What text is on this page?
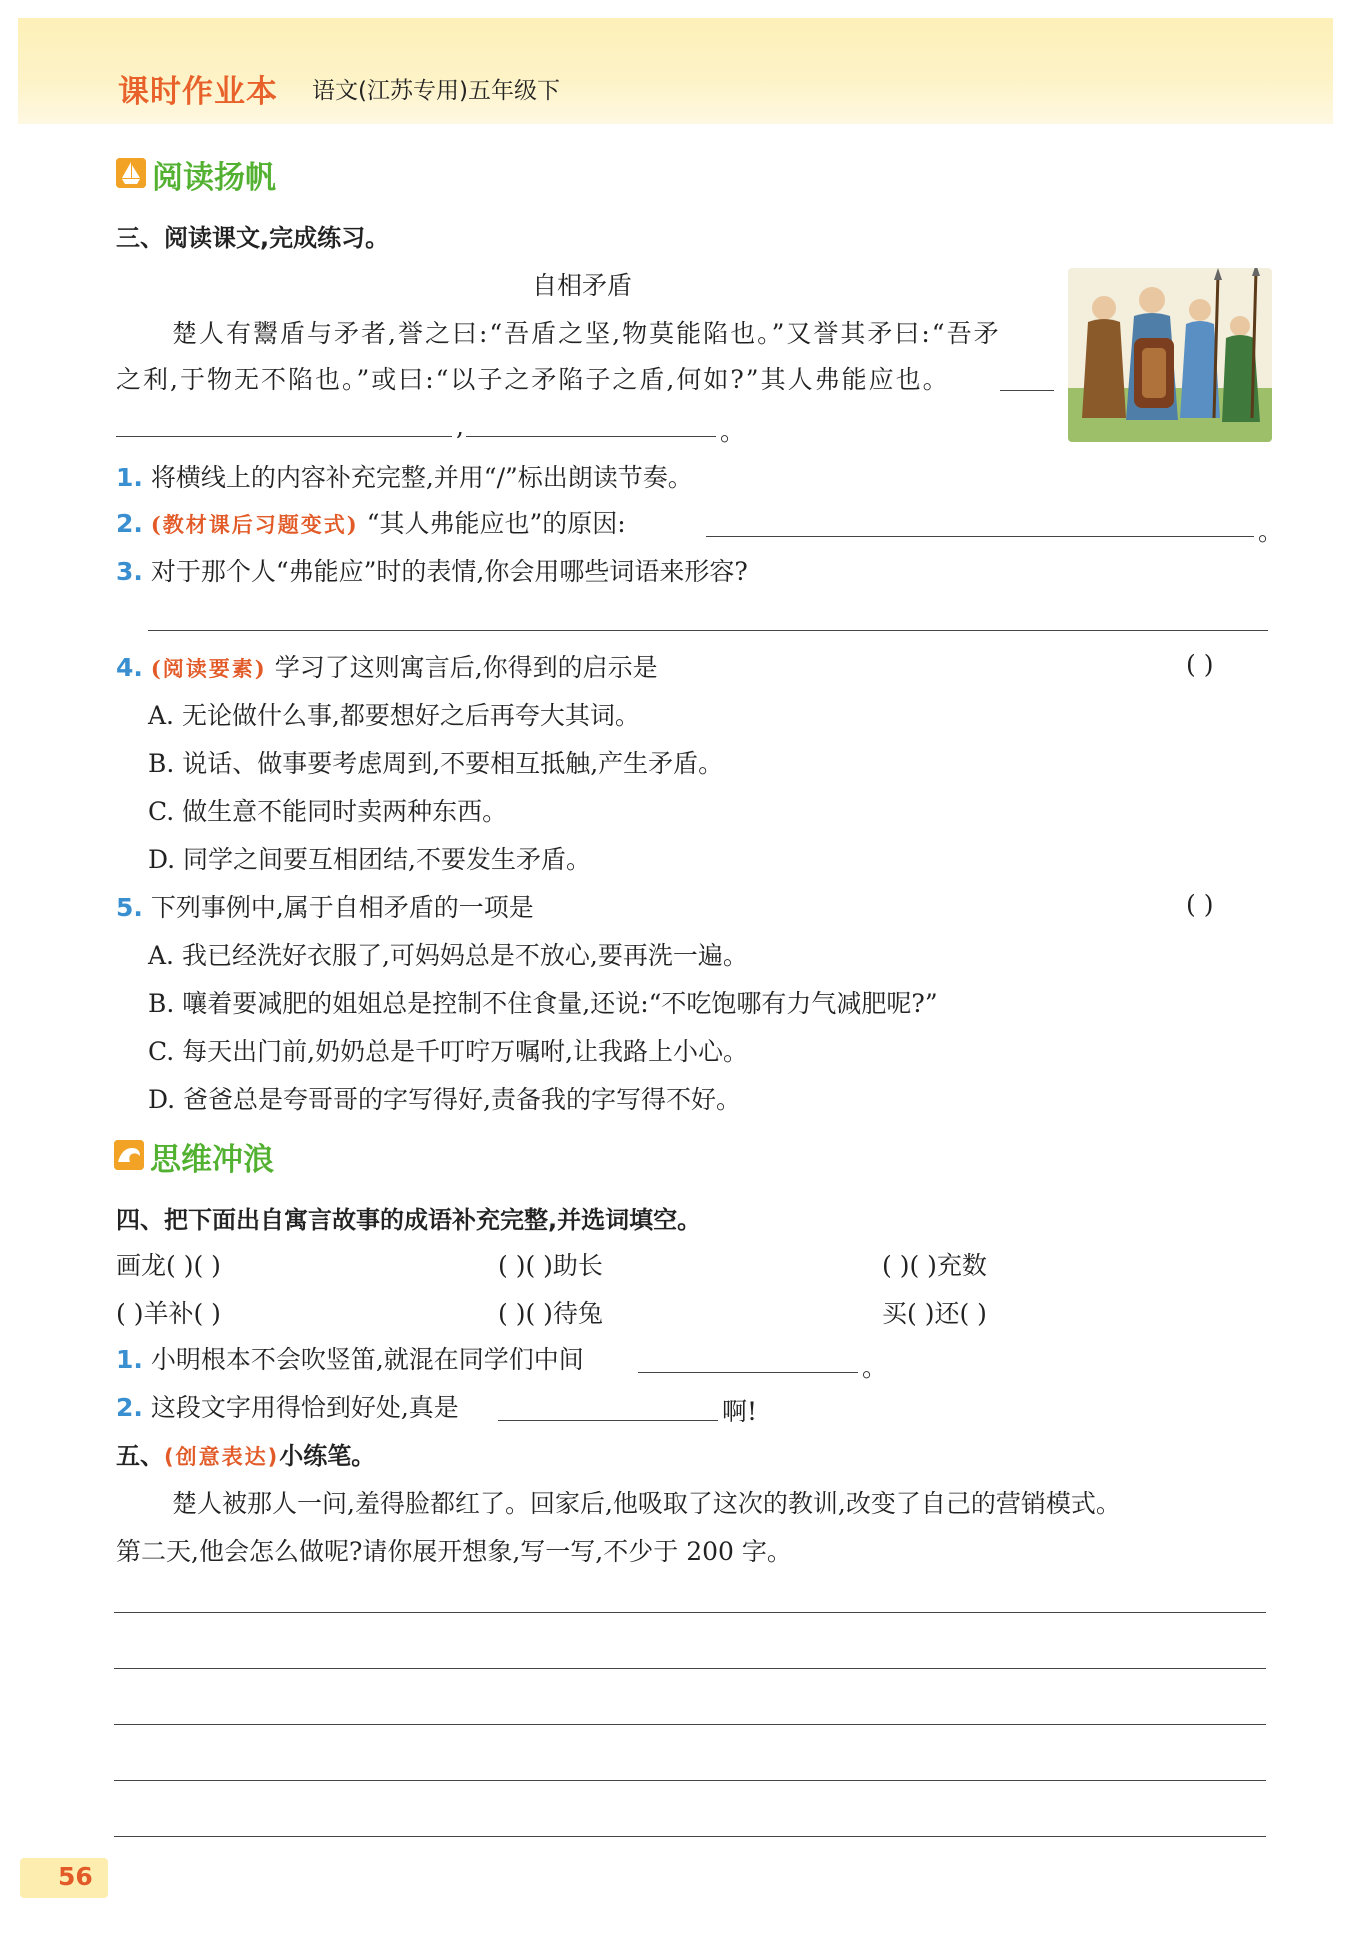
课时作业本 语文(江苏专用)五年级下
阅读扬帆
三、阅读课文,完成练习。
自相矛盾
楚人有鬻盾与矛者,誉之曰:“吾盾之坚,物莫能陷也。”又誉其矛曰:“吾矛
之利,于物无不陷也。”或曰:“以子之矛陷子之盾,何如?”其人弗能应也。
,	。
1. 将横线上的内容补充完整,并用“/”标出朗读节奏。
2. (教材课后习题变式) “其人弗能应也”的原因:	。
3. 对于那个人“弗能应”时的表情,你会用哪些词语来形容?
4. (阅读要素) 学习了这则寓言后,你得到的启示是	( )
A. 无论做什么事,都要想好之后再夸大其词。
B. 说话、做事要考虑周到,不要相互抵触,产生矛盾。
C. 做生意不能同时卖两种东西。
D. 同学之间要互相团结,不要发生矛盾。
5. 下列事例中,属于自相矛盾的一项是	( )
A. 我已经洗好衣服了,可妈妈总是不放心,要再洗一遍。
B. 嚷着要减肥的姐姐总是控制不住食量,还说:“不吃饱哪有力气减肥呢?”
C. 每天出门前,奶奶总是千叮咛万嘱咐,让我路上小心。
D. 爸爸总是夸哥哥的字写得好,责备我的字写得不好。
思维冲浪
四、把下面出自寓言故事的成语补充完整,并选词填空。
画龙( )( )	( )( )助长	( )( )充数
( )羊补( )	( )( )待兔	买( )还( )
1. 小明根本不会吹竖笛,就混在同学们中间	。
2. 这段文字用得恰到好处,真是	啊!
五、(创意表达)小练笔。
楚人被那人一问,羞得脸都红了。回家后,他吸取了这次的教训,改变了自己的营销模式。
第二天,他会怎么做呢?请你展开想象,写一写,不少于 200 字。
56
